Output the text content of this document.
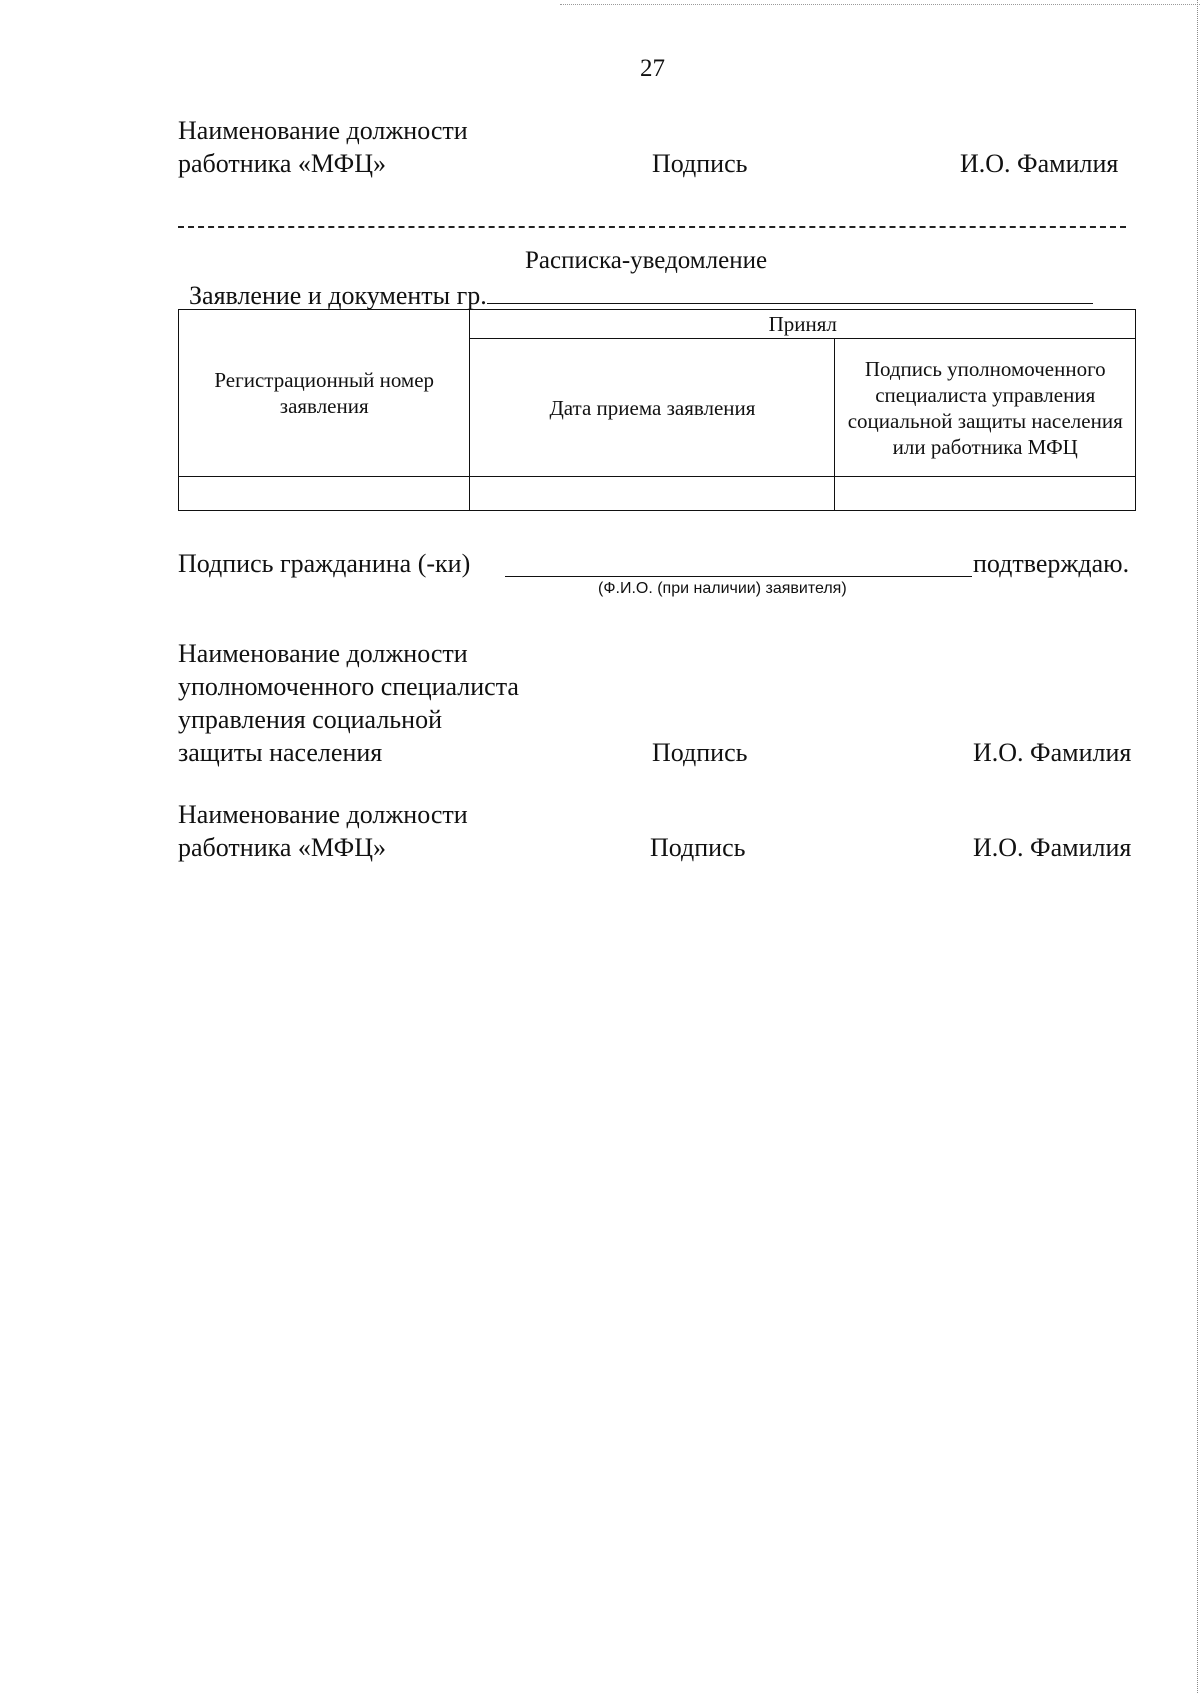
27
Наименование должности
работника «МФЦ»	Подпись	И.О. Фамилия
Расписка-уведомление
Заявление и документы гр.
Регистрационный номер заявления	Принял	
	Дата приема заявления	Подпись уполномоченного специалиста управления социальной защиты населения или работника МФЦ

Подпись гражданина (-ки)	подтверждаю.
(Ф.И.О. (при наличии) заявителя)
Наименование должности
уполномоченного специалиста
управления социальной
защиты населения	Подпись	И.О. Фамилия
Наименование должности
работника «МФЦ»	Подпись	И.О. Фамилия
